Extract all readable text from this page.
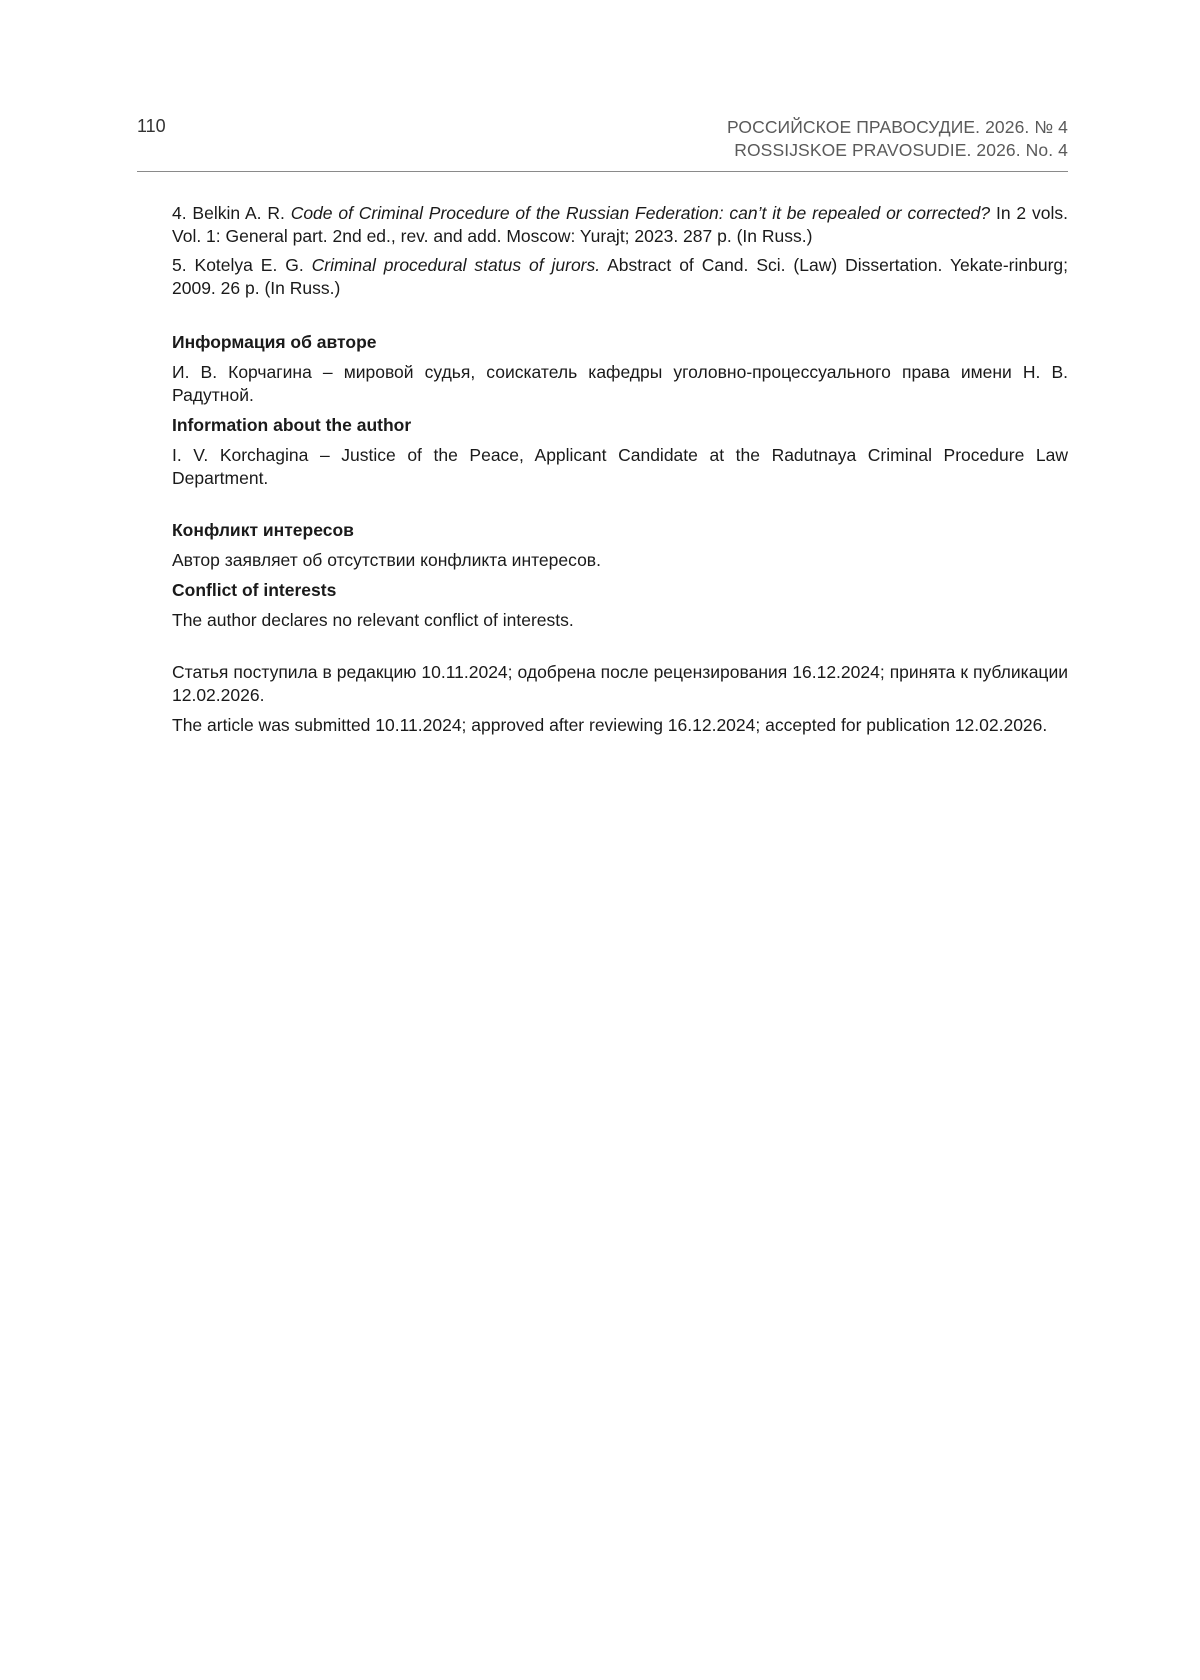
110	РОССИЙСКОЕ ПРАВОСУДИЕ. 2026. № 4
ROSSIJSKOE PRAVOSUDIE. 2026. No. 4

4. Belkin A. R. Code of Criminal Procedure of the Russian Federation: can’t it be repealed or corrected? In 2 vols. Vol. 1: General part. 2nd ed., rev. and add. Moscow: Yurajt; 2023. 287 p. (In Russ.)

5. Kotelya E. G. Criminal procedural status of jurors. Abstract of Cand. Sci. (Law) Dissertation. Yekate-rinburg; 2009. 26 p. (In Russ.)

Информация об авторе

И. В. Корчагина – мировой судья, соискатель кафедры уголовно-процессуального права имени Н. В. Радутной.

Information about the author

I. V. Korchagina – Justice of the Peace, Applicant Candidate at the Radutnaya Criminal Procedure Law Department.

Конфликт интересов

Автор заявляет об отсутствии конфликта интересов.

Conflict of interests

The author declares no relevant conflict of interests.

Статья поступила в редакцию 10.11.2024; одобрена после рецензирования 16.12.2024; принята к публикации 12.02.2026.

The article was submitted 10.11.2024; approved after reviewing 16.12.2024; accepted for publication 12.02.2026.
